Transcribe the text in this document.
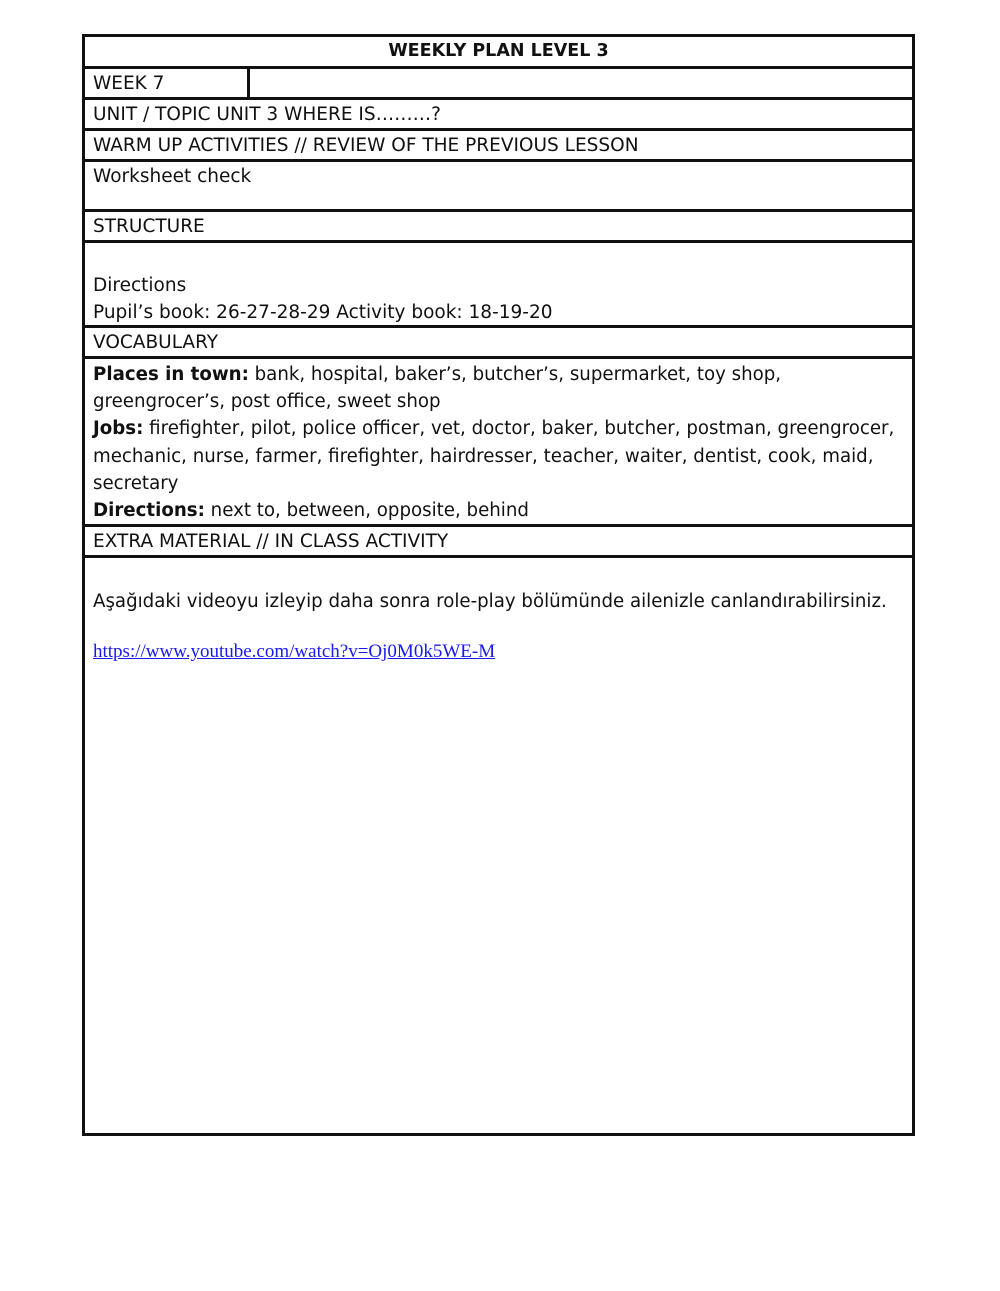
WEEKLY PLAN LEVEL 3
WEEK 7
UNIT / TOPIC UNIT 3 WHERE IS………?
WARM UP ACTIVITIES // REVIEW OF THE PREVIOUS LESSON
Worksheet check
STRUCTURE
Directions
Pupil’s book: 26-27-28-29 Activity book: 18-19-20
VOCABULARY
Places in town: bank, hospital, baker’s, butcher’s, supermarket, toy shop, greengrocer’s, post office, sweet shop
Jobs: firefighter, pilot, police officer, vet, doctor, baker, butcher, postman, greengrocer, mechanic, nurse, farmer, firefighter, hairdresser, teacher, waiter, dentist, cook, maid, secretary
Directions: next to, between, opposite, behind
EXTRA MATERIAL // IN CLASS ACTIVITY
Aşağıdaki videoyu izleyip daha sonra role-play bölümünde ailenizle canlandırabilirsiniz.
https://www.youtube.com/watch?v=Oj0M0k5WE-M
